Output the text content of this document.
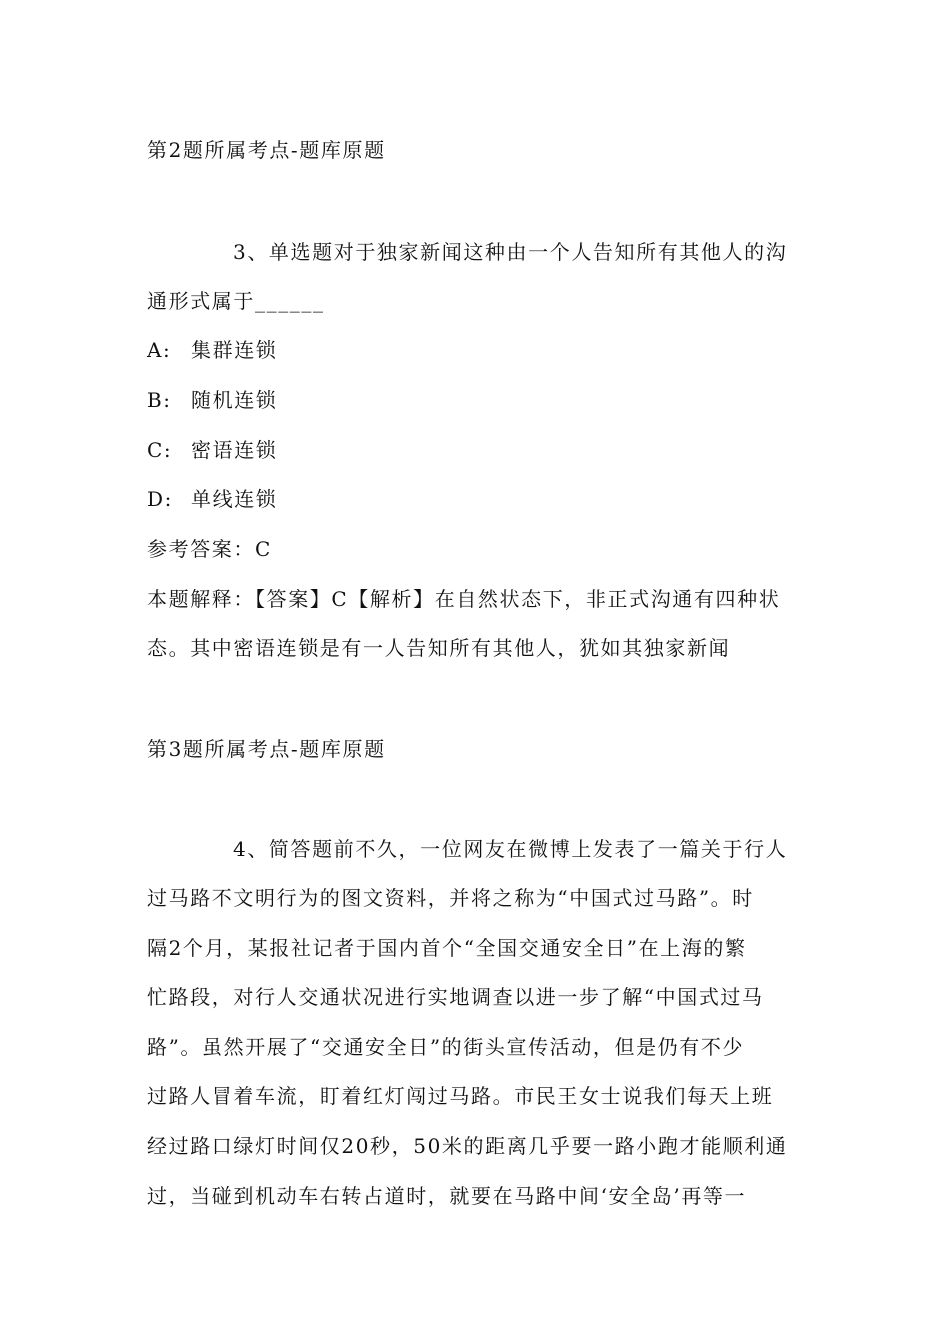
第2题所属考点-题库原题
3、单选题对于独家新闻这种由一个人告知所有其他人的沟
通形式属于______
A: 集群连锁
B: 随机连锁
C: 密语连锁
D: 单线连锁
参考答案：C
本题解释：【答案】C【解析】在自然状态下，非正式沟通有四种状
态。其中密语连锁是有一人告知所有其他人，犹如其独家新闻
第3题所属考点-题库原题
4、简答题前不久，一位网友在微博上发表了一篇关于行人
过马路不文明行为的图文资料，并将之称为“中国式过马路”。时
隔2个月，某报社记者于国内首个“全国交通安全日”在上海的繁
忙路段，对行人交通状况进行实地调查以进一步了解“中国式过马
路”。虽然开展了“交通安全日”的街头宣传活动，但是仍有不少
过路人冒着车流，盯着红灯闯过马路。市民王女士说我们每天上班
经过路口绿灯时间仅20秒，50米的距离几乎要一路小跑才能顺利通
过，当碰到机动车右转占道时，就要在马路中间‘安全岛’再等一
